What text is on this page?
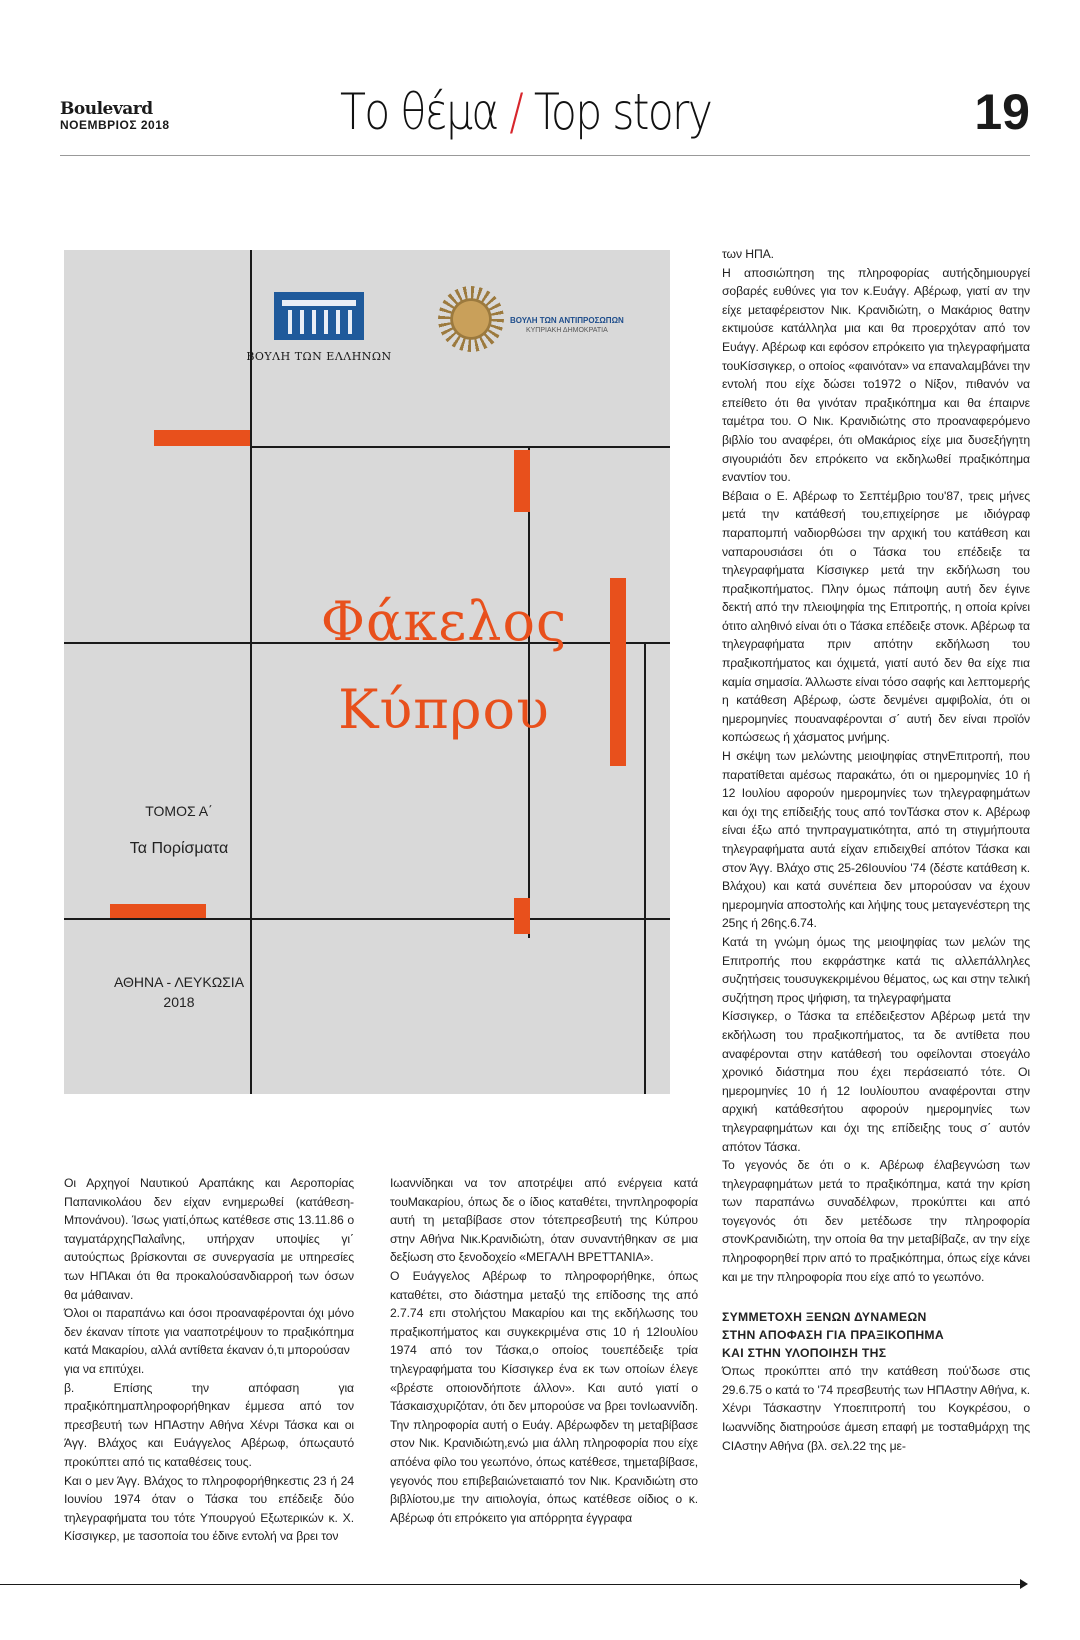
Boulevard
ΝΟΕΜΒΡΙΟΣ 2018	Το θέμα / Top story	19
ΒΟΥΛΗ ΤΩΝ ΕΛΛΗΝΩΝ
ΒΟΥΛΗ ΤΩΝ ΑΝΤΙΠΡΟΣΩΠΩΝ
ΚΥΠΡΙΑΚΗ ΔΗΜΟΚΡΑΤΙΑ
Φάκελος
Κύπρου
ΤΟΜΟΣ Α΄
Τα Πορίσματα
ΑΘΗΝΑ - ΛΕΥΚΩΣΙΑ
2018

Οι Αρχηγοί Ναυτικού Αραπάκης και Αεροπορίας Παπανικολάου δεν είχαν ενημερωθεί (κατάθεση-Μπονάνου). Ίσως γιατί,όπως κατέθεσε στις 13.11.86 ο ταγματάρχηςΠαλαΐνης, υπήρχαν υποψίες γι΄ αυτούςπως βρίσκονται σε συνεργασία με υπηρεσίες των ΗΠΑκαι ότι θα προκαλούσανδιαρροή των όσων θα μάθαιναν.

Όλοι οι παραπάνω και όσοι προαναφέρονται όχι μόνο δεν έκαναν τίποτε για νααποτρέψουν το πραξικόπημα κατά Μακαρίου, αλλά αντίθετα έκαναν ό,τι μπορούσαν

για να επιτύχει.

β. Επίσης την απόφαση για πραξικόπημαπληροφορήθηκαν έμμεσα από τον πρεσβευτή των ΗΠΑστην Αθήνα Χένρι Τάσκα και οι Άγγ. Βλάχος και Ευάγγελος Αβέρωφ, όπωςαυτό προκύπτει από τις καταθέσεις τους.

Και ο μεν Άγγ. Βλάχος το πληροφορήθηκεστις 23 ή 24 Ιουνίου 1974 όταν ο Τάσκα του επέδειξε δύο τηλεγραφήματα του τότε Υπουργού Εξωτερικών κ. Χ. Κίσσιγκερ, με τασοποία του έδινε εντολή να βρει τον

Ιωαννίδηκαι να τον αποτρέψει από ενέργεια κατά τουΜακαρίου, όπως δε ο ίδιος καταθέτει, τηνπληροφορία αυτή τη μεταβίβασε στον τότεπρεσβευτή της Κύπρου στην Αθήνα Νικ.Κρανιδιώτη, όταν συναντήθηκαν σε μια δεξίωση στο ξενοδοχείο «ΜΕΓΑΛΗ ΒΡΕΤΤΑΝΙΑ».

Ο Ευάγγελος Αβέρωφ το πληροφορήθηκε, όπως καταθέτει, στο διάστημα μεταξύ της επίδοσης της από 2.7.74 επι στολήςτου Μακαρίου και της εκδήλωσης του πραξικοπήματος και συγκεκριμένα στις 10 ή 12Ιουλίου 1974 από τον Τάσκα,ο οποίος τουεπέδειξε τρία τηλεγραφήματα του Κίσσιγκερ ένα εκ των οποίων έλεγε «βρέστε οποιονδήποτε άλλον». Και αυτό γιατί ο Τάσκαισχυριζόταν, ότι δεν μπορούσε να βρει τονΙωαννίδη. Την πληροφορία αυτή ο Ευάγ. Αβέρωφδεν τη μεταβίβασε στον Νικ. Κρανιδιώτη,ενώ μια άλλη πληροφορία που είχε απόένα φίλο του γεωπόνο, όπως κατέθεσε, τημεταβίβασε, γεγονός που επιβεβαιώνεταιαπό τον Νικ. Κρανιδιώτη στο βιβλίοτου,με την αιτιολογία, όπως κατέθεσε οίδιος ο κ. Αβέρωφ ότι επρόκειτο για απόρρητα έγγραφα

των ΗΠΑ.

Η αποσιώπηση της πληροφορίας αυτήςδημιουργεί σοβαρές ευθύνες για τον κ.Ευάγγ. Αβέρωφ, γιατί αν την είχε μεταφέρειστον Νικ. Κρανιδιώτη, ο Μακάριος θατην εκτιμούσε κατάλληλα μια και θα προερχόταν από τον Ευάγγ. Αβέρωφ και εφόσον επρόκειτο για τηλεγραφήματα τουΚίσσιγκερ, ο οποίος «φαινόταν» να επαναλαμβάνει την εντολή που είχε δώσει το1972 ο Νίξον, πιθανόν να επείθετο ότι θα γινόταν πραξικόπημα και θα έπαιρνε ταμέτρα του. Ο Νικ. Κρανιδιώτης στο προαναφερόμενο βιβλίο του αναφέρει, ότι οΜακάριος είχε μια δυσεξήγητη σιγουριάότι δεν επρόκειτο να εκδηλωθεί πραξικόπημα εναντίον του.

Βέβαια ο Ε. Αβέρωφ το Σεπτέμβριο του'87, τρεις μήνες μετά την κατάθεσή του,επιχείρησε με ιδιόγραφ παραπομπή ναδιορθώσει την αρχική του κατάθεση και ναπαρουσιάσει ότι ο Τάσκα του επέδειξε τα τηλεγραφήματα Κίσσιγκερ μετά την εκδήλωση του πραξικοπήματος. Πλην όμως πάποψη αυτή δεν έγινε δεκτή από την πλειοψηφία της Επιτροπής, η οποία κρίνει ότιτο αληθινό είναι ότι ο Τάσκα επέδειξε στονκ. Αβέρωφ τα τηλεγραφήματα πριν απότην εκδήλωση του πραξικοπήματος και όχιμετά, γιατί αυτό δεν θα είχε πια καμία σημασία. Άλλωστε είναι τόσο σαφής και λεπτομερής

η κατάθεση Αβέρωφ, ώστε δενμένει αμφιβολία, ότι οι ημερομηνίες πουαναφέρονται σ΄ αυτή δεν είναι προϊόν κοπώσεως ή χάσματος μνήμης.

Η σκέψη των μελώντης μειοψηφίας στηνΕπιτροπή, που παρατίθεται αμέσως παρακάτω, ότι οι ημερομηνίες 10 ή 12 Ιουλίου αφορούν ημερομηνίες των τηλεγραφημάτων και όχι της επίδειξής τους από τονΤάσκα στον κ. Αβέρωφ είναι έξω από τηνπραγματικότητα, από τη στιγμήπουτα τηλεγραφήματα αυτά είχαν επιδειχθεί απότον Τάσκα και στον Άγγ. Βλάχο στις 25-26Ιουνίου '74 (δέστε κατάθεση κ. Βλάχου) και κατά συνέπεια δεν μπορούσαν να έχουν ημερομηνία αποστολής και λήψης τους μεταγενέστερη της 25ης ή 26ης.6.74.

Κατά τη γνώμη όμως της μειοψηφίας των μελών της Επιτροπής που εκφράστηκε κατά τις αλλεπάλληλες συζητήσεις τουσυγκεκριμένου θέματος, ως και στην τελική συζήτηση προς ψήφιση, τα τηλεγραφήματα

Κίσσιγκερ, ο Τάσκα τα επέδειξεστον Αβέρωφ μετά την εκδήλωση του πραξικοπήματος, τα δε αντίθετα που αναφέρονται στην κατάθεσή του οφείλονται στοεγάλο χρονικό διάστημα που έχει περάσειαπό τότε. Οι ημερομηνίες 10 ή 12 Ιουλίουπου αναφέρονται στην αρχική κατάθεσήτου αφορούν ημερομηνίες των τηλεγραφημάτων και όχι της επίδειξης τους σ΄ αυτόν απότον Τάσκα.

Το γεγονός δε ότι ο κ. Αβέρωφ έλαβεγνώση των τηλεγραφημάτων μετά το πραξικόπημα, κατά την κρίση των παραπάνω συναδέλφων, προκύπτει και από τογεγονός ότι δεν μετέδωσε την πληροφορία στονΚρανιδιώτη, την οποία θα την μεταβίβαζε, αν την είχε πληροφορηθεί πριν από το πραξικόπημα, όπως είχε κάνει και με την πληροφορία που είχε από το γεωπόνο.

ΣΥΜΜΕΤΟΧΗ ΞΕΝΩΝ ΔΥΝΑΜΕΩΝ
ΣΤΗΝ ΑΠΟΦΑΣΗ ΓΙΑ ΠΡΑΞΙΚΟΠΗΜΑ
ΚΑΙ ΣΤΗΝ ΥΛΟΠΟΙΗΣΗ ΤΗΣ

Όπως προκύπτει από την κατάθεση πού'δωσε στις 29.6.75 ο κατά το '74 πρεσβευτής των ΗΠΑστην Αθήνα, κ. Χένρι Τάσκαστην Υποεπιτροπή του Κογκρέσου, ο Ιωαννίδης διατηρούσε άμεση επαφή με τοσταθμάρχη της CIAστην Αθήνα (βλ. σελ.22 της με-
